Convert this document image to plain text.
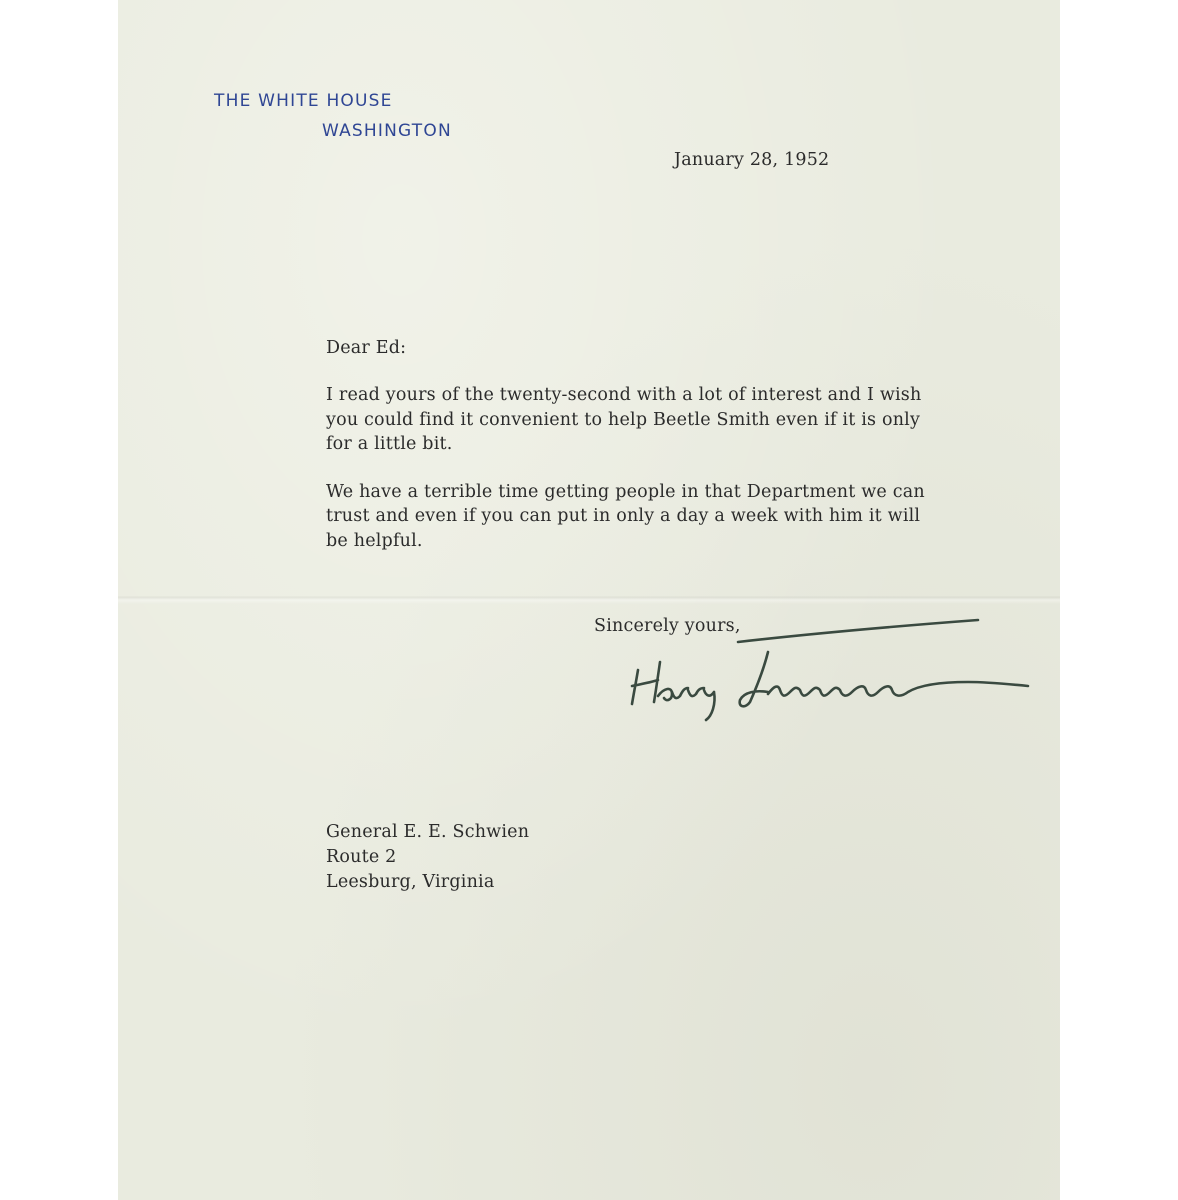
THE WHITE HOUSE
WASHINGTON
January 28, 1952
Dear Ed:

I read yours of the twenty-second with a lot of interest and I wish you could find it convenient to help Beetle Smith even if it is only for a little bit.

We have a terrible time getting people in that Department we can trust and even if you can put in only a day a week with him it will be helpful.

Sincerely yours,
General E. E. Schwien
Route 2
Leesburg, Virginia
